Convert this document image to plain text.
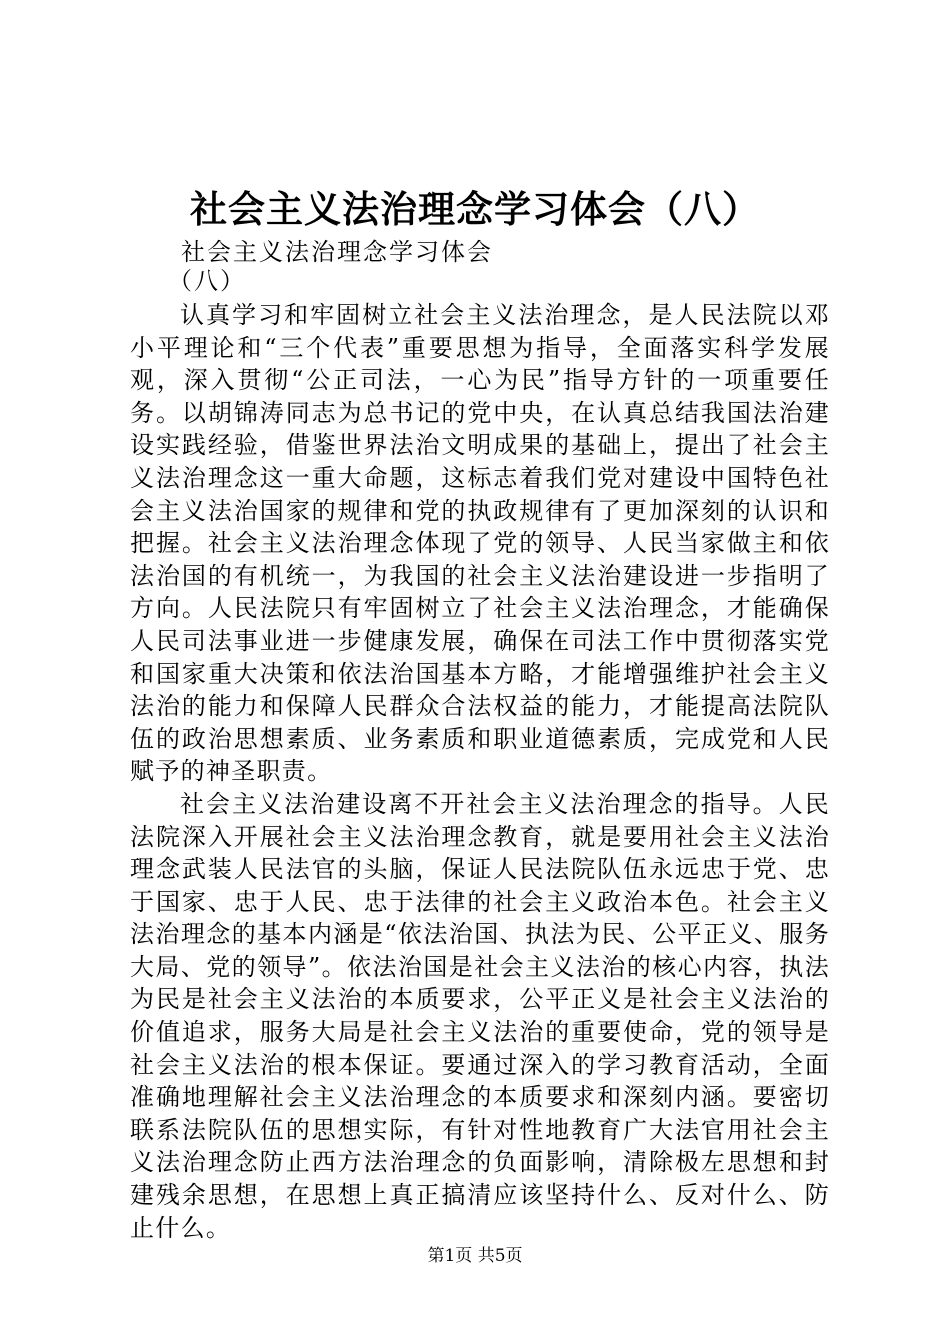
社会主义法治理念学习体会（八）
社会主义法治理念学习体会
（八）

认真学习和牢固树立社会主义法治理念，是人民法院以邓小平理论和“三个代表”重要思想为指导，全面落实科学发展观，深入贯彻“公正司法，一心为民”指导方针的一项重要任务。以胡锦涛同志为总书记的党中央，在认真总结我国法治建设实践经验，借鉴世界法治文明成果的基础上，提出了社会主义法治理念这一重大命题，这标志着我们党对建设中国特色社会主义法治国家的规律和党的执政规律有了更加深刻的认识和把握。社会主义法治理念体现了党的领导、人民当家做主和依法治国的有机统一，为我国的社会主义法治建设进一步指明了方向。人民法院只有牢固树立了社会主义法治理念，才能确保人民司法事业进一步健康发展，确保在司法工作中贯彻落实党和国家重大决策和依法治国基本方略，才能增强维护社会主义法治的能力和保障人民群众合法权益的能力，才能提高法院队伍的政治思想素质、业务素质和职业道德素质，完成党和人民赋予的神圣职责。

社会主义法治建设离不开社会主义法治理念的指导。人民法院深入开展社会主义法治理念教育，就是要用社会主义法治理念武装人民法官的头脑，保证人民法院队伍永远忠于党、忠于国家、忠于人民、忠于法律的社会主义政治本色。社会主义法治理念的基本内涵是“依法治国、执法为民、公平正义、服务大局、党的领导”。依法治国是社会主义法治的核心内容，执法为民是社会主义法治的本质要求，公平正义是社会主义法治的价值追求，服务大局是社会主义法治的重要使命，党的领导是社会主义法治的根本保证。要通过深入的学习教育活动，全面准确地理解社会主义法治理念的本质要求和深刻内涵。要密切联系法院队伍的思想实际，有针对性地教育广大法官用社会主义法治理念防止西方法治理念的负面影响，清除极左思想和封建残余思想，在思想上真正搞清应该坚持什么、反对什么、防止什么。

第1页 共5页
